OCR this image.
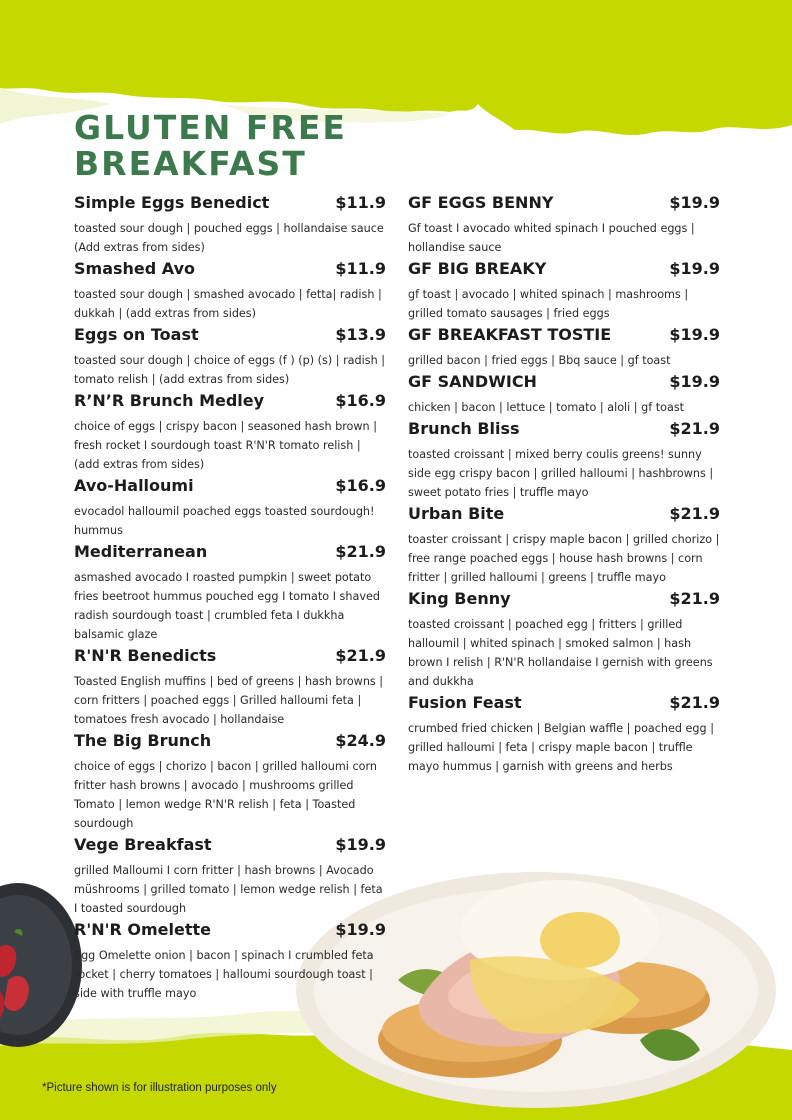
GLUTEN FREE
BREAKFAST
Simple Eggs Benedict	$11.9
toasted sour dough | pouched eggs | hollandaise sauce (Add extras from sides)
Smashed Avo	$11.9
toasted sour dough | smashed avocado | fetta| radish | dukkah | (add extras from sides)
Eggs on Toast	$13.9
toasted sour dough | choice of eggs (f ) (p) (s) | radish | tomato relish | (add extras from sides)
R’N’R Brunch Medley	$16.9
choice of eggs | crispy bacon | seasoned hash brown | fresh rocket I sourdough toast R'N'R tomato relish | (add extras from sides)
Avo-Halloumi	$16.9
evocadol halloumil poached eggs toasted sourdough! hummus
Mediterranean	$21.9
asmashed avocado I roasted pumpkin | sweet potato fries beetroot hummus pouched egg I tomato I shaved radish sourdough toast | crumbled feta I dukkha balsamic glaze
R'N'R Benedicts	$21.9
Toasted English muffins | bed of greens | hash browns | corn fritters | poached eggs | Grilled halloumi feta | tomatoes fresh avocado | hollandaise
The Big Brunch	$24.9
choice of eggs | chorizo | bacon | grilled halloumi corn fritter hash browns | avocado | mushrooms grilled Tomato | lemon wedge R'N'R relish | feta | Toasted sourdough
Vege Breakfast	$19.9
grilled Malloumi I corn fritter | hash browns | Avocado müshrooms | grilled tomato | lemon wedge relish | feta I toasted sourdough
R'N'R Omelette	$19.9
Egg Omelette onion | bacon | spinach I crumbled feta rocket | cherry tomatoes | halloumi sourdough toast | side with truffle mayo
GF EGGS BENNY	$19.9
Gf toast I avocado whited spinach I pouched eggs | hollandise sauce
GF BIG BREAKY	$19.9
gf toast | avocado | whited spinach | mashrooms | grilled tomato sausages | fried eggs
GF BREAKFAST TOSTIE	$19.9
grilled bacon | fried eggs | Bbq sauce | gf toast
GF SANDWICH	$19.9
chicken | bacon | lettuce | tomato | aloli | gf toast
Brunch Bliss	$21.9
toasted croissant | mixed berry coulis greens! sunny side egg crispy bacon | grilled halloumi | hashbrowns | sweet potato fries | truffle mayo
Urban Bite	$21.9
toaster croissant | crispy maple bacon | grilled chorizo | free range poached eggs | house hash browns | corn fritter | grilled halloumi | greens | truffle mayo
King Benny	$21.9
toasted croissant | poached egg | fritters | grilled halloumil | whited spinach | smoked salmon | hash brown I relish | R'N'R hollandaise I gernish with greens and dukkha
Fusion Feast	$21.9
crumbed fried chicken | Belgian waffle | poached egg | grilled halloumi | feta | crispy maple bacon | truffle mayo hummus | garnish with greens and herbs
*Picture shown is for illustration purposes only
